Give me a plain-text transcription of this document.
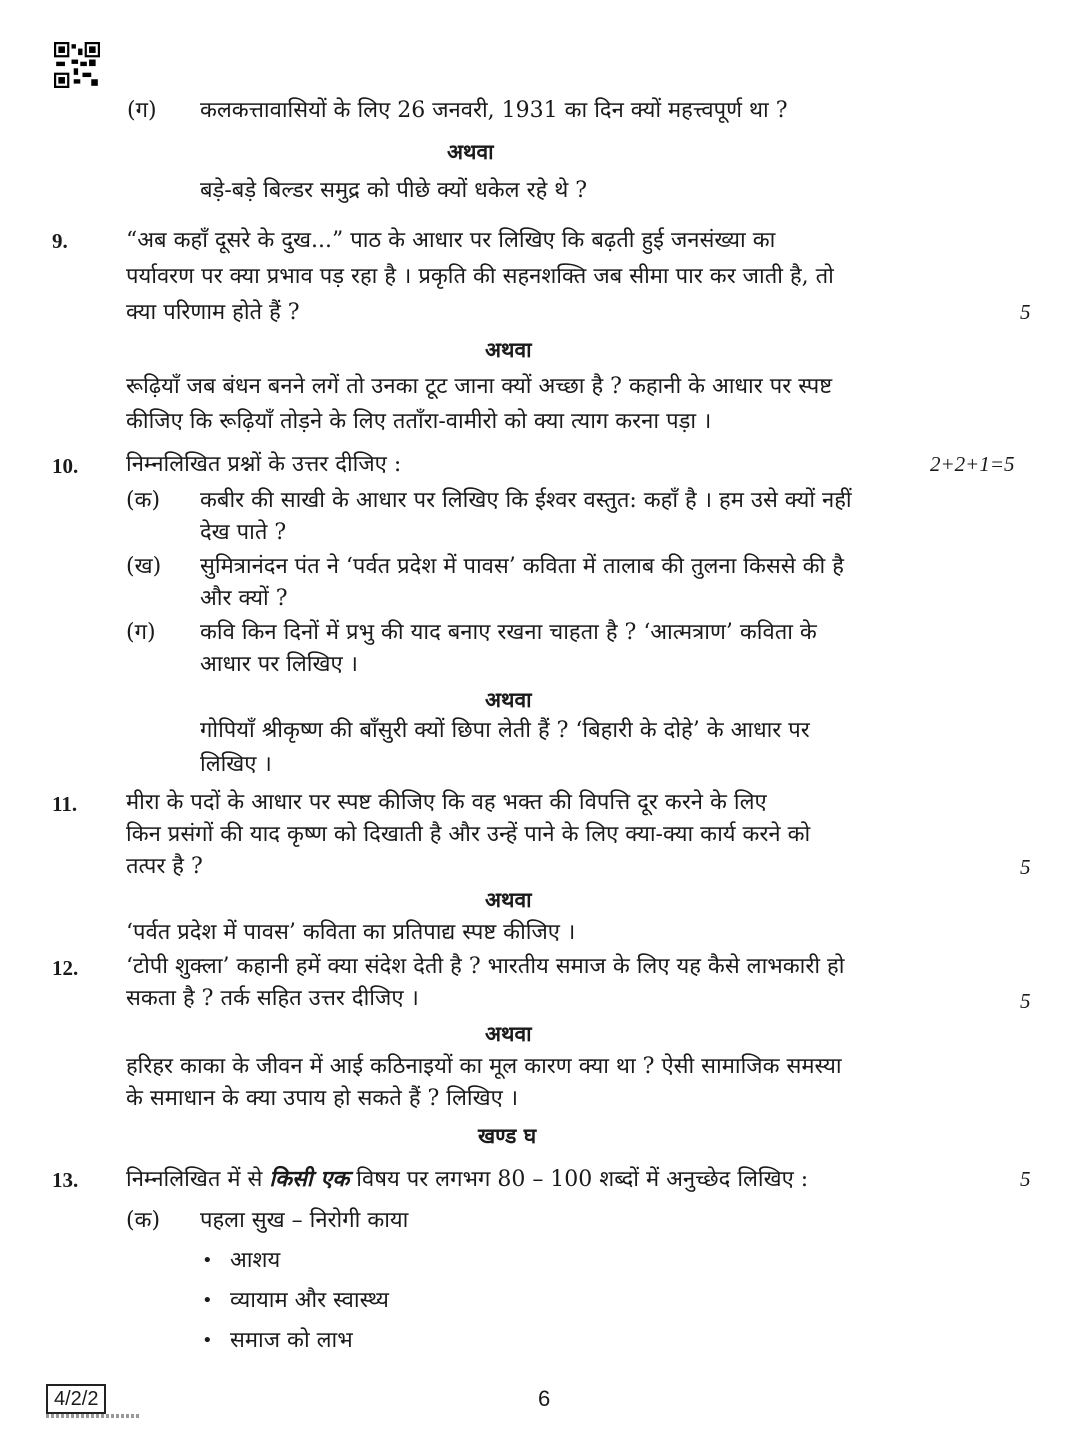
(ग) कलकत्तावासियों के लिए 26 जनवरी, 1931 का दिन क्यों महत्त्वपूर्ण था ?
अथवा
बड़े-बड़े बिल्डर समुद्र को पीछे क्यों धकेल रहे थे ?
9.	“अब कहाँ दूसरे के दुख...” पाठ के आधार पर लिखिए कि बढ़ती हुई जनसंख्या का
पर्यावरण पर क्या प्रभाव पड़ रहा है । प्रकृति की सहनशक्ति जब सीमा पार कर जाती है, तो
क्या परिणाम होते हैं ?	5
अथवा
रूढ़ियाँ जब बंधन बनने लगें तो उनका टूट जाना क्यों अच्छा है ? कहानी के आधार पर स्पष्ट
कीजिए कि रूढ़ियाँ तोड़ने के लिए तताँरा-वामीरो को क्या त्याग करना पड़ा ।
10. निम्नलिखित प्रश्नों के उत्तर दीजिए :	2+2+1=5
(क) कबीर की साखी के आधार पर लिखिए कि ईश्वर वस्तुत: कहाँ है । हम उसे क्यों नहीं
देख पाते ?
(ख) सुमित्रानंदन पंत ने ‘पर्वत प्रदेश में पावस’ कविता में तालाब की तुलना किससे की है
और क्यों ?
(ग) कवि किन दिनों में प्रभु की याद बनाए रखना चाहता है ? ‘आत्मत्राण’ कविता के
आधार पर लिखिए ।
अथवा
गोपियाँ श्रीकृष्ण की बाँसुरी क्यों छिपा लेती हैं ? ‘बिहारी के दोहे’ के आधार पर
लिखिए ।
11. मीरा के पदों के आधार पर स्पष्ट कीजिए कि वह भक्त की विपत्ति दूर करने के लिए
किन प्रसंगों की याद कृष्ण को दिखाती है और उन्हें पाने के लिए क्या-क्या कार्य करने को
तत्पर है ?	5
अथवा
‘पर्वत प्रदेश में पावस’ कविता का प्रतिपाद्य स्पष्ट कीजिए ।
12. ‘टोपी शुक्ला’ कहानी हमें क्या संदेश देती है ? भारतीय समाज के लिए यह कैसे लाभकारी हो
सकता है ? तर्क सहित उत्तर दीजिए ।	5
अथवा
हरिहर काका के जीवन में आई कठिनाइयों का मूल कारण क्या था ? ऐसी सामाजिक समस्या
के समाधान के क्या उपाय हो सकते हैं ? लिखिए ।
खण्ड घ
13. निम्नलिखित में से किसी एक विषय पर लगभग 80 – 100 शब्दों में अनुच्छेद लिखिए :	5
(क) पहला सुख – निरोगी काया
• आशय
• व्यायाम और स्वास्थ्य
• समाज को लाभ
4/2/2	6
